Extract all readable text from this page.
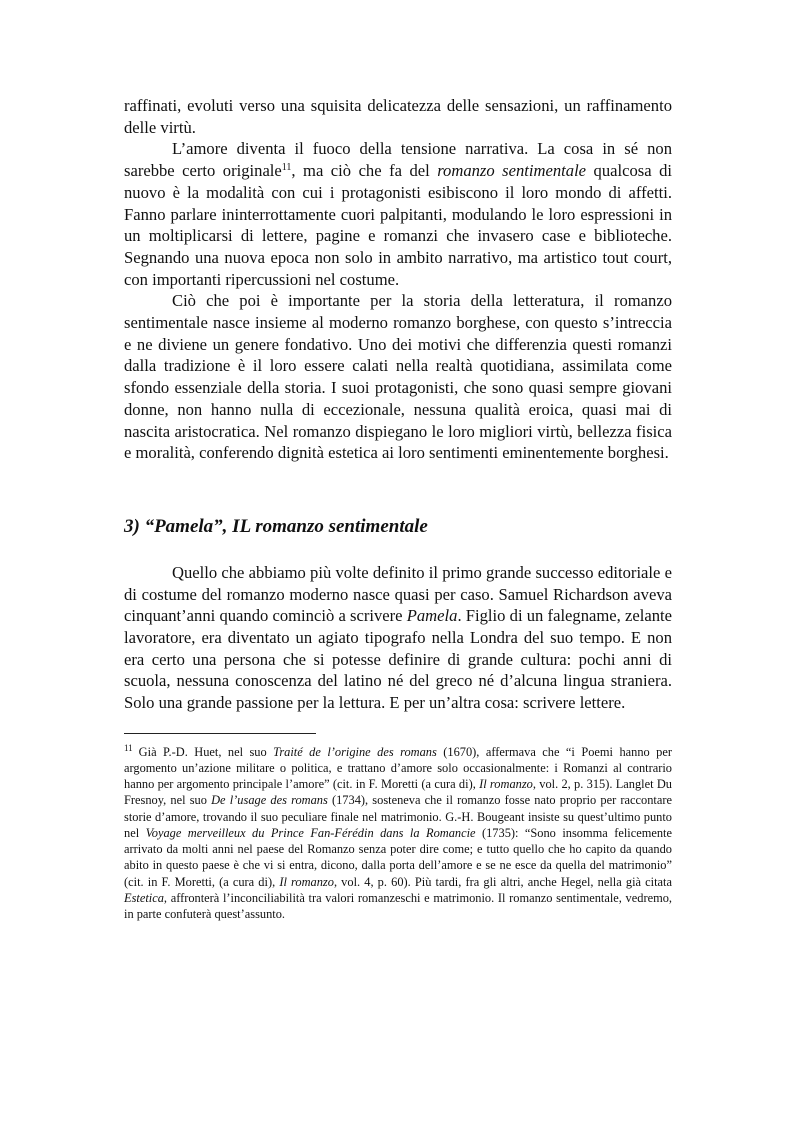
raffinati, evoluti verso una squisita delicatezza delle sensazioni, un raffinamento delle virtù.

L’amore diventa il fuoco della tensione narrativa. La cosa in sé non sarebbe certo originale$^{11}$, ma ciò che fa del romanzo sentimentale qualcosa di nuovo è la modalità con cui i protagonisti esibiscono il loro mondo di affetti. Fanno parlare ininterrottamente cuori palpitanti, modulando le loro espressioni in un moltiplicarsi di lettere, pagine e romanzi che invasero case e biblioteche. Segnando una nuova epoca non solo in ambito narrativo, ma artistico tout court, con importanti ripercussioni nel costume.

Ciò che poi è importante per la storia della letteratura, il romanzo sentimentale nasce insieme al moderno romanzo borghese, con questo s’intreccia e ne diviene un genere fondativo. Uno dei motivi che differenzia questi romanzi dalla tradizione è il loro essere calati nella realtà quotidiana, assimilata come sfondo essenziale della storia. I suoi protagonisti, che sono quasi sempre giovani donne, non hanno nulla di eccezionale, nessuna qualità eroica, quasi mai di nascita aristocratica. Nel romanzo dispiegano le loro migliori virtù, bellezza fisica e moralità, conferendo dignità estetica ai loro sentimenti eminentemente borghesi.

3) “Pamela”, IL romanzo sentimentale

Quello che abbiamo più volte definito il primo grande successo editoriale e di costume del romanzo moderno nasce quasi per caso. Samuel Richardson aveva cinquant’anni quando cominciò a scrivere Pamela. Figlio di un falegname, zelante lavoratore, era diventato un agiato tipografo nella Londra del suo tempo. E non era certo una persona che si potesse definire di grande cultura: pochi anni di scuola, nessuna conoscenza del latino né del greco né d’alcuna lingua straniera. Solo una grande passione per la lettura. E per un’altra cosa: scrivere lettere.

$^{11}$ Già P.-D. Huet, nel suo Traité de l’origine des romans (1670), affermava che “i Poemi hanno per argomento un’azione militare o politica, e trattano d’amore solo occasionalmente: i Romanzi al contrario hanno per argomento principale l’amore” (cit. in F. Moretti (a cura di), Il romanzo, vol. 2, p. 315). Langlet Du Fresnoy, nel suo De l’usage des romans (1734), sosteneva che il romanzo fosse nato proprio per raccontare storie d’amore, trovando il suo peculiare finale nel matrimonio. G.-H. Bougeant insiste su quest’ultimo punto nel Voyage merveilleux du Prince Fan-Férédin dans la Romancie (1735): “Sono insomma felicemente arrivato da molti anni nel paese del Romanzo senza poter dire come; e tutto quello che ho capito da quando abito in questo paese è che vi si entra, dicono, dalla porta dell’amore e se ne esce da quella del matrimonio” (cit. in F. Moretti, (a cura di), Il romanzo, vol. 4, p. 60). Più tardi, fra gli altri, anche Hegel, nella già citata Estetica, affronterà l’inconciliabilità tra valori romanzeschi e matrimonio. Il romanzo sentimentale, vedremo, in parte confuterà quest’assunto.
